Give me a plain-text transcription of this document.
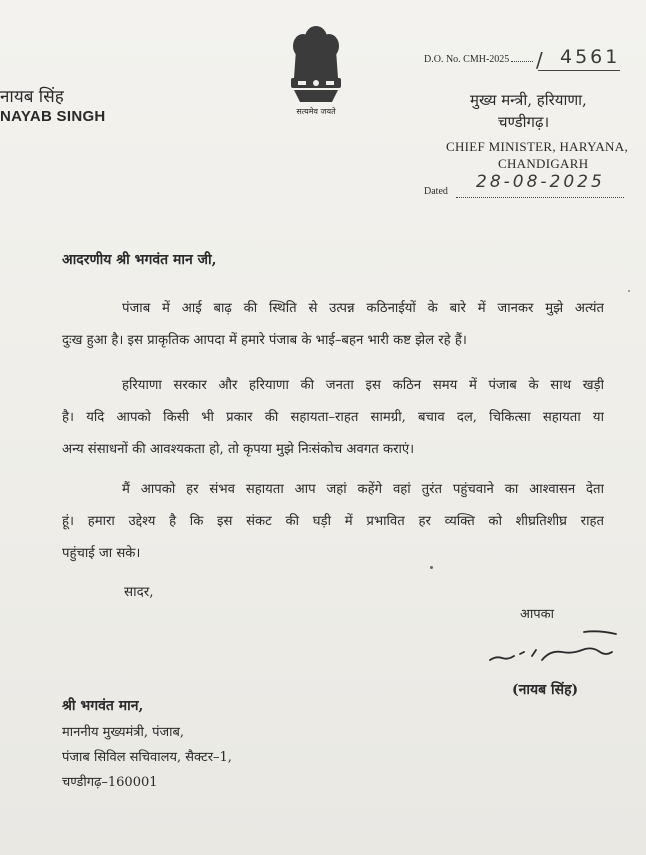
नायब सिंह
NAYAB SINGH	सत्यमेव जयते
D.O. No. CMH-2025	/ 4561
मुख्य मन्त्री, हरियाणा,
चण्डीगढ़।
CHIEF MINISTER, HARYANA,
CHANDIGARH
Dated 28-08-2025
आदरणीय श्री भगवंत मान जी,
पंजाब में आई बाढ़ की स्थिति से उत्पन्न कठिनाईयों के बारे में जानकर मुझे अत्यंत
दुःख हुआ है। इस प्राकृतिक आपदा में हमारे पंजाब के भाई–बहन भारी कष्ट झेल रहे हैं।
हरियाणा सरकार और हरियाणा की जनता इस कठिन समय में पंजाब के साथ खड़ी
है। यदि आपको किसी भी प्रकार की सहायता–राहत सामग्री, बचाव दल, चिकित्सा सहायता या
अन्य संसाधनों की आवश्यकता हो, तो कृपया मुझे निःसंकोच अवगत कराएं।
मैं आपको हर संभव सहायता आप जहां कहेंगे वहां तुरंत पहुंचवाने का आश्वासन देता
हूं। हमारा उद्देश्य है कि इस संकट की घड़ी में प्रभावित हर व्यक्ति को शीघ्रतिशीघ्र राहत
पहुंचाई जा सके।
सादर,
आपका
(नायब सिंह)
श्री भगवंत मान,
माननीय मुख्यमंत्री, पंजाब,
पंजाब सिविल सचिवालय, सैक्टर–1,
चण्डीगढ़–160001
